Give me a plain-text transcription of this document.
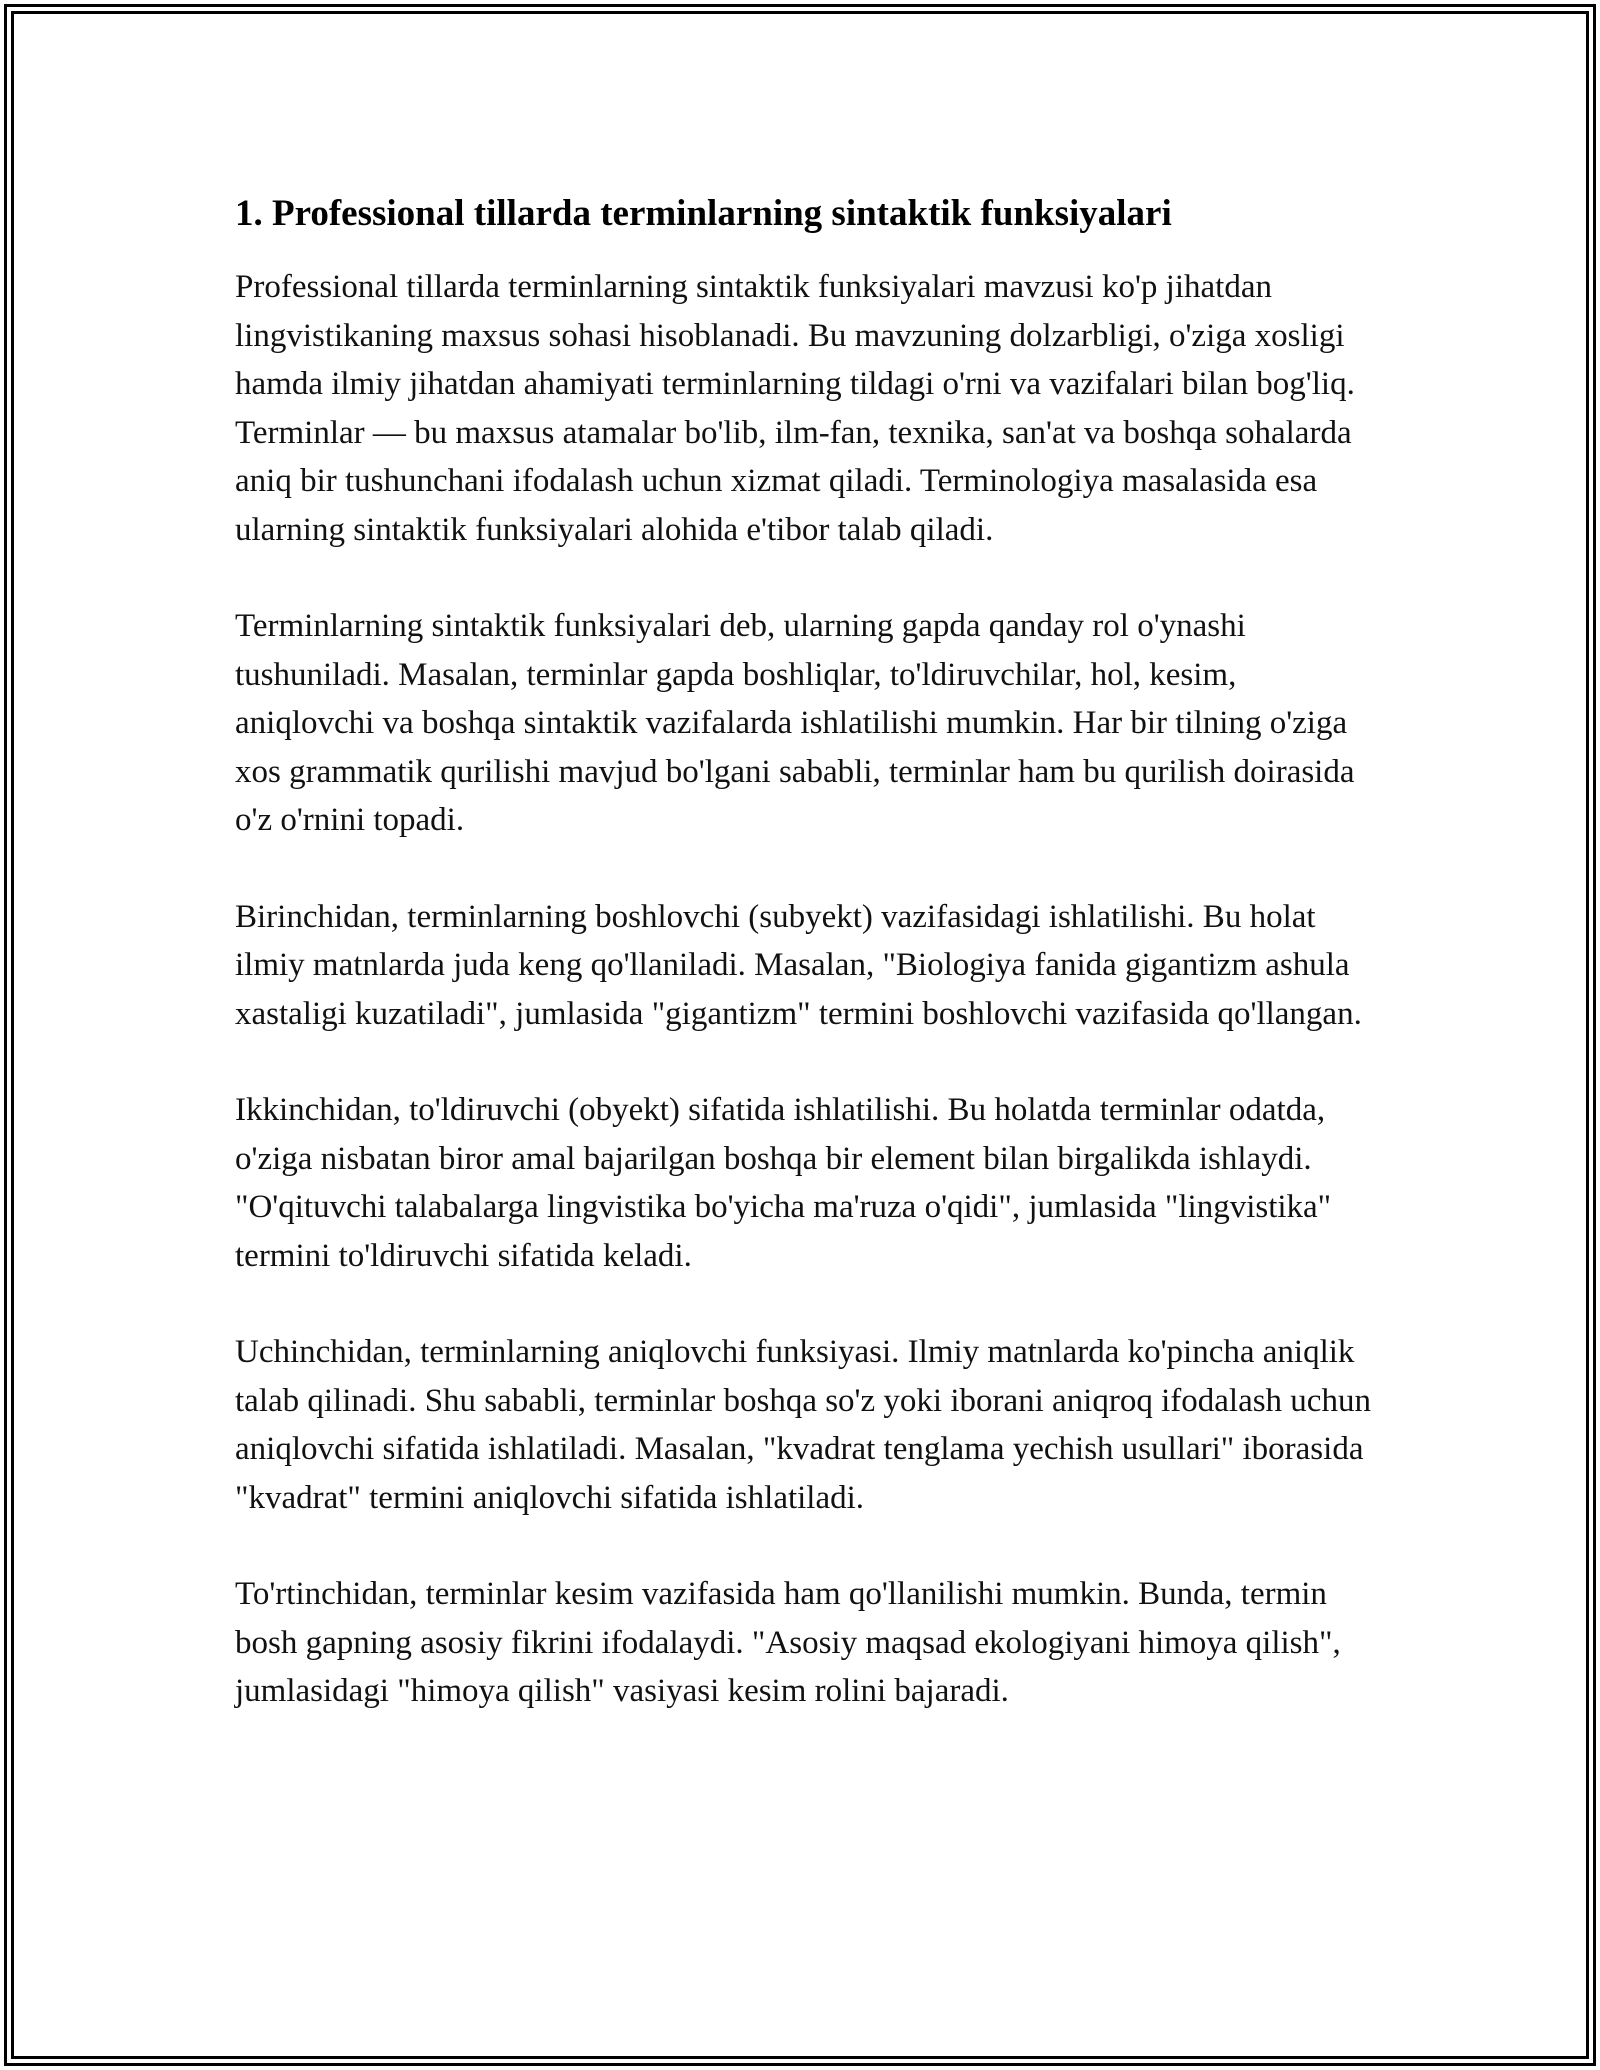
1. Professional tillarda terminlarning sintaktik funksiyalari

Professional tillarda terminlarning sintaktik funksiyalari mavzusi ko'p jihatdan lingvistikaning maxsus sohasi hisoblanadi. Bu mavzuning dolzarbligi, o'ziga xosligi hamda ilmiy jihatdan ahamiyati terminlarning tildagi o'rni va vazifalari bilan bog'liq. Terminlar — bu maxsus atamalar bo'lib, ilm-fan, texnika, san'at va boshqa sohalarda aniq bir tushunchani ifodalash uchun xizmat qiladi. Terminologiya masalasida esa ularning sintaktik funksiyalari alohida e'tibor talab qiladi.

Terminlarning sintaktik funksiyalari deb, ularning gapda qanday rol o'ynashi tushuniladi. Masalan, terminlar gapda boshliqlar, to'ldiruvchilar, hol, kesim, aniqlovchi va boshqa sintaktik vazifalarda ishlatilishi mumkin. Har bir tilning o'ziga xos grammatik qurilishi mavjud bo'lgani sababli, terminlar ham bu qurilish doirasida o'z o'rnini topadi.

Birinchidan, terminlarning boshlovchi (subyekt) vazifasidagi ishlatilishi. Bu holat ilmiy matnlarda juda keng qo'llaniladi. Masalan, "Biologiya fanida gigantizm ashula xastaligi kuzatiladi", jumlasida "gigantizm" termini boshlovchi vazifasida qo'llangan.

Ikkinchidan, to'ldiruvchi (obyekt) sifatida ishlatilishi. Bu holatda terminlar odatda, o'ziga nisbatan biror amal bajarilgan boshqa bir element bilan birgalikda ishlaydi. "O'qituvchi talabalarga lingvistika bo'yicha ma'ruza o'qidi", jumlasida "lingvistika" termini to'ldiruvchi sifatida keladi.

Uchinchidan, terminlarning aniqlovchi funksiyasi. Ilmiy matnlarda ko'pincha aniqlik talab qilinadi. Shu sababli, terminlar boshqa so'z yoki iborani aniqroq ifodalash uchun aniqlovchi sifatida ishlatiladi. Masalan, "kvadrat tenglama yechish usullari" iborasida "kvadrat" termini aniqlovchi sifatida ishlatiladi.

To'rtinchidan, terminlar kesim vazifasida ham qo'llanilishi mumkin. Bunda, termin bosh gapning asosiy fikrini ifodalaydi. "Asosiy maqsad ekologiyani himoya qilish", jumlasidagi "himoya qilish" vasiyasi kesim rolini bajaradi.
